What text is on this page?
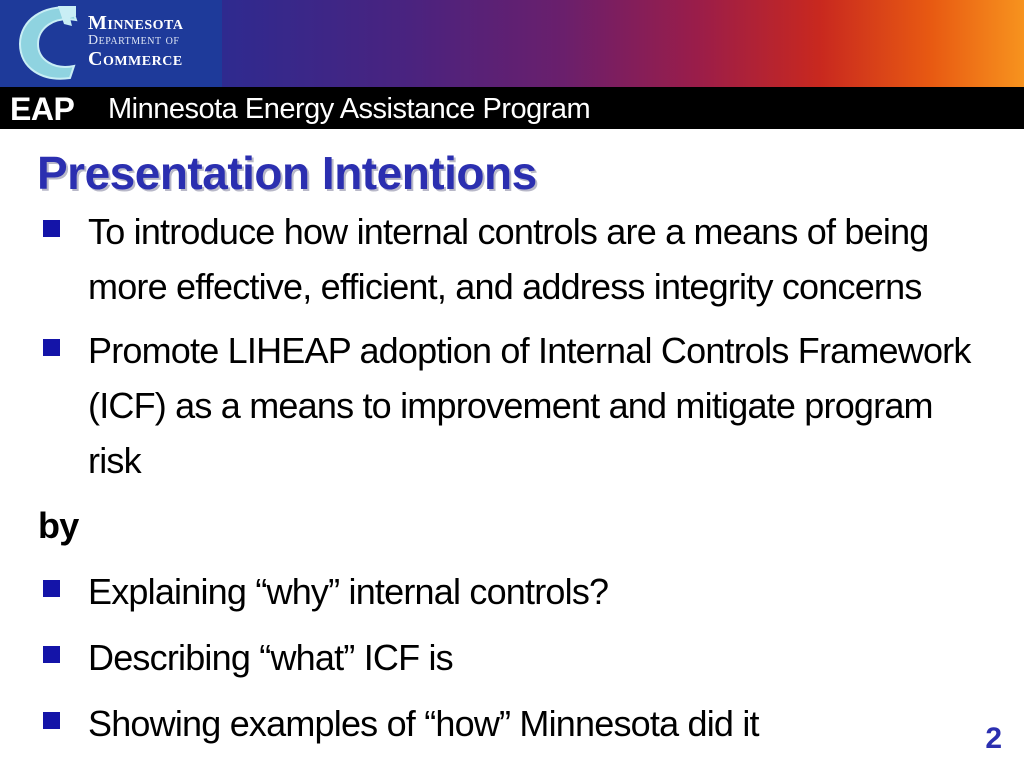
Minnesota
Department of
Commerce
EAP Minnesota Energy Assistance Program
Presentation Intentions
To introduce how internal controls are a means of being more effective, efficient, and address integrity concerns
Promote LIHEAP adoption of Internal Controls Framework (ICF) as a means to improvement and mitigate program risk
by
Explaining “why” internal controls?
Describing “what” ICF is
Showing examples of “how” Minnesota did it	2
